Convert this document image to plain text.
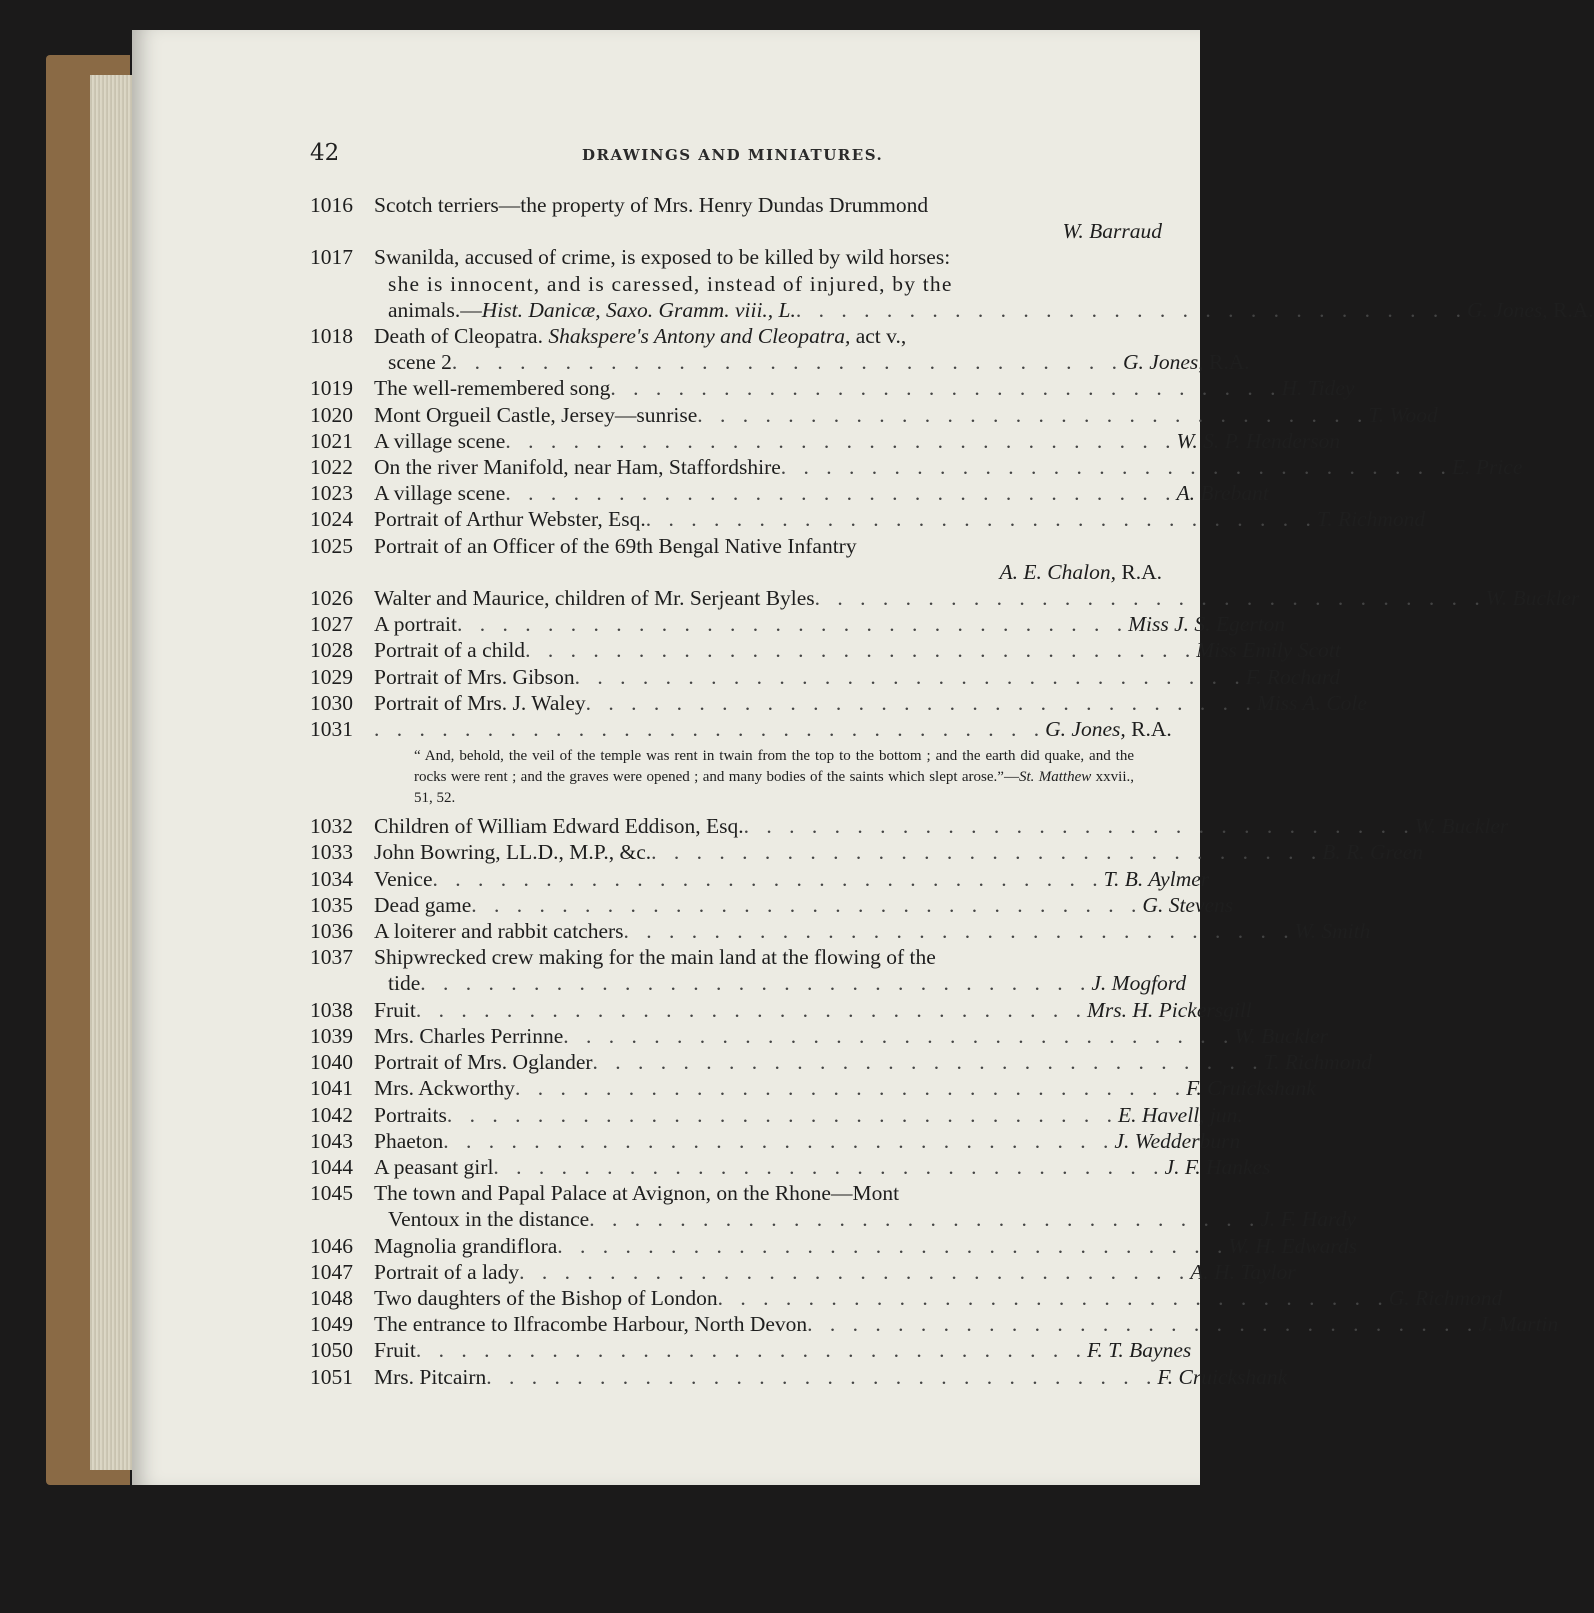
42	DRAWINGS AND MINIATURES.
1016 Scotch terriers—the property of Mrs. Henry Dundas Drummond
W. Barraud
1017 Swanilda, accused of crime, is exposed to be killed by wild horses:
she is innocent, and is caressed, instead of injured, by the
animals.— Hist. Danicæ, Saxo. Gramm. viii., L. . . . . . . . . . . . . . . . . . . . . . . . . . . . . . . G. Jones, R.A.
1018 Death of Cleopatra. Shakspere's Antony and Cleopatra, act v.,
scene 2 . . . . . . . . . . . . . . . . . . . . . . . . . . . . . . G. Jones, R.A.
1019 The well-remembered song . . . . . . . . . . . . . . . . . . . . . . . . . . . . . . H. Tidey
1020 Mont Orgueil Castle, Jersey—sunrise . . . . . . . . . . . . . . . . . . . . . . . . . . . . . . T. Wood
1021 A village scene . . . . . . . . . . . . . . . . . . . . . . . . . . . . . . W. S. P. Henderson
1022 On the river Manifold, near Ham, Staffordshire . . . . . . . . . . . . . . . . . . . . . . . . . . . . . . E. Price
1023 A village scene . . . . . . . . . . . . . . . . . . . . . . . . . . . . . . A. Brebant
1024 Portrait of Arthur Webster, Esq. . . . . . . . . . . . . . . . . . . . . . . . . . . . . . . T. Richmond
1025 Portrait of an Officer of the 69th Bengal Native Infantry
A. E. Chalon, R.A.
1026 Walter and Maurice, children of Mr. Serjeant Byles . . . . . . . . . . . . . . . . . . . . . . . . . . . . . . W. Buckler
1027 A portrait . . . . . . . . . . . . . . . . . . . . . . . . . . . . . . Miss J. S. Egerton
1028 Portrait of a child . . . . . . . . . . . . . . . . . . . . . . . . . . . . . . Miss Emily Scott
1029 Portrait of Mrs. Gibson . . . . . . . . . . . . . . . . . . . . . . . . . . . . . . F. Rochard
1030 Portrait of Mrs. J. Waley . . . . . . . . . . . . . . . . . . . . . . . . . . . . . . Miss A. Cole
1031 . . . . . . . . . . . . . . . . . . . . . . . . . . . . . . G. Jones, R.A.
“ And, behold, the veil of the temple was rent in twain from the top to the bottom ; and the earth did quake, and the rocks were rent ; and the graves were opened ; and many bodies of the saints which slept arose.”—St. Matthew xxvii., 51, 52.
1032 Children of William Edward Eddison, Esq. . . . . . . . . . . . . . . . . . . . . . . . . . . . . . . W. Buckler
1033 John Bowring, LL.D., M.P., &c. . . . . . . . . . . . . . . . . . . . . . . . . . . . . . . B. R. Green
1034 Venice . . . . . . . . . . . . . . . . . . . . . . . . . . . . . . T. B. Aylmer
1035 Dead game . . . . . . . . . . . . . . . . . . . . . . . . . . . . . . G. Stevens
1036 A loiterer and rabbit catchers . . . . . . . . . . . . . . . . . . . . . . . . . . . . . . W. Smith
1037 Shipwrecked crew making for the main land at the flowing of the
tide . . . . . . . . . . . . . . . . . . . . . . . . . . . . . . J. Mogford
1038 Fruit . . . . . . . . . . . . . . . . . . . . . . . . . . . . . . Mrs. H. Pickersgill
1039 Mrs. Charles Perrinne . . . . . . . . . . . . . . . . . . . . . . . . . . . . . . W. Buckler
1040 Portrait of Mrs. Oglander . . . . . . . . . . . . . . . . . . . . . . . . . . . . . . T. Richmond
1041 Mrs. Ackworthy . . . . . . . . . . . . . . . . . . . . . . . . . . . . . . F. Cruickshank
1042 Portraits . . . . . . . . . . . . . . . . . . . . . . . . . . . . . . E. Havell, jun.
1043 Phaeton . . . . . . . . . . . . . . . . . . . . . . . . . . . . . . J. Wedderburn
1044 A peasant girl . . . . . . . . . . . . . . . . . . . . . . . . . . . . . . J. F. Hankes
1045 The town and Papal Palace at Avignon, on the Rhone—Mont
Ventoux in the distance . . . . . . . . . . . . . . . . . . . . . . . . . . . . . . J. F. Hardy
1046 Magnolia grandiflora . . . . . . . . . . . . . . . . . . . . . . . . . . . . . . W. H. Edwards
1047 Portrait of a lady . . . . . . . . . . . . . . . . . . . . . . . . . . . . . . A. H. Taylor
1048 Two daughters of the Bishop of London . . . . . . . . . . . . . . . . . . . . . . . . . . . . . . G. Richmond
1049 The entrance to Ilfracombe Harbour, North Devon . . . . . . . . . . . . . . . . . . . . . . . . . . . . . . J. Martin
1050 Fruit . . . . . . . . . . . . . . . . . . . . . . . . . . . . . . F. T. Baynes
1051 Mrs. Pitcairn . . . . . . . . . . . . . . . . . . . . . . . . . . . . . . F. Cruickshank
